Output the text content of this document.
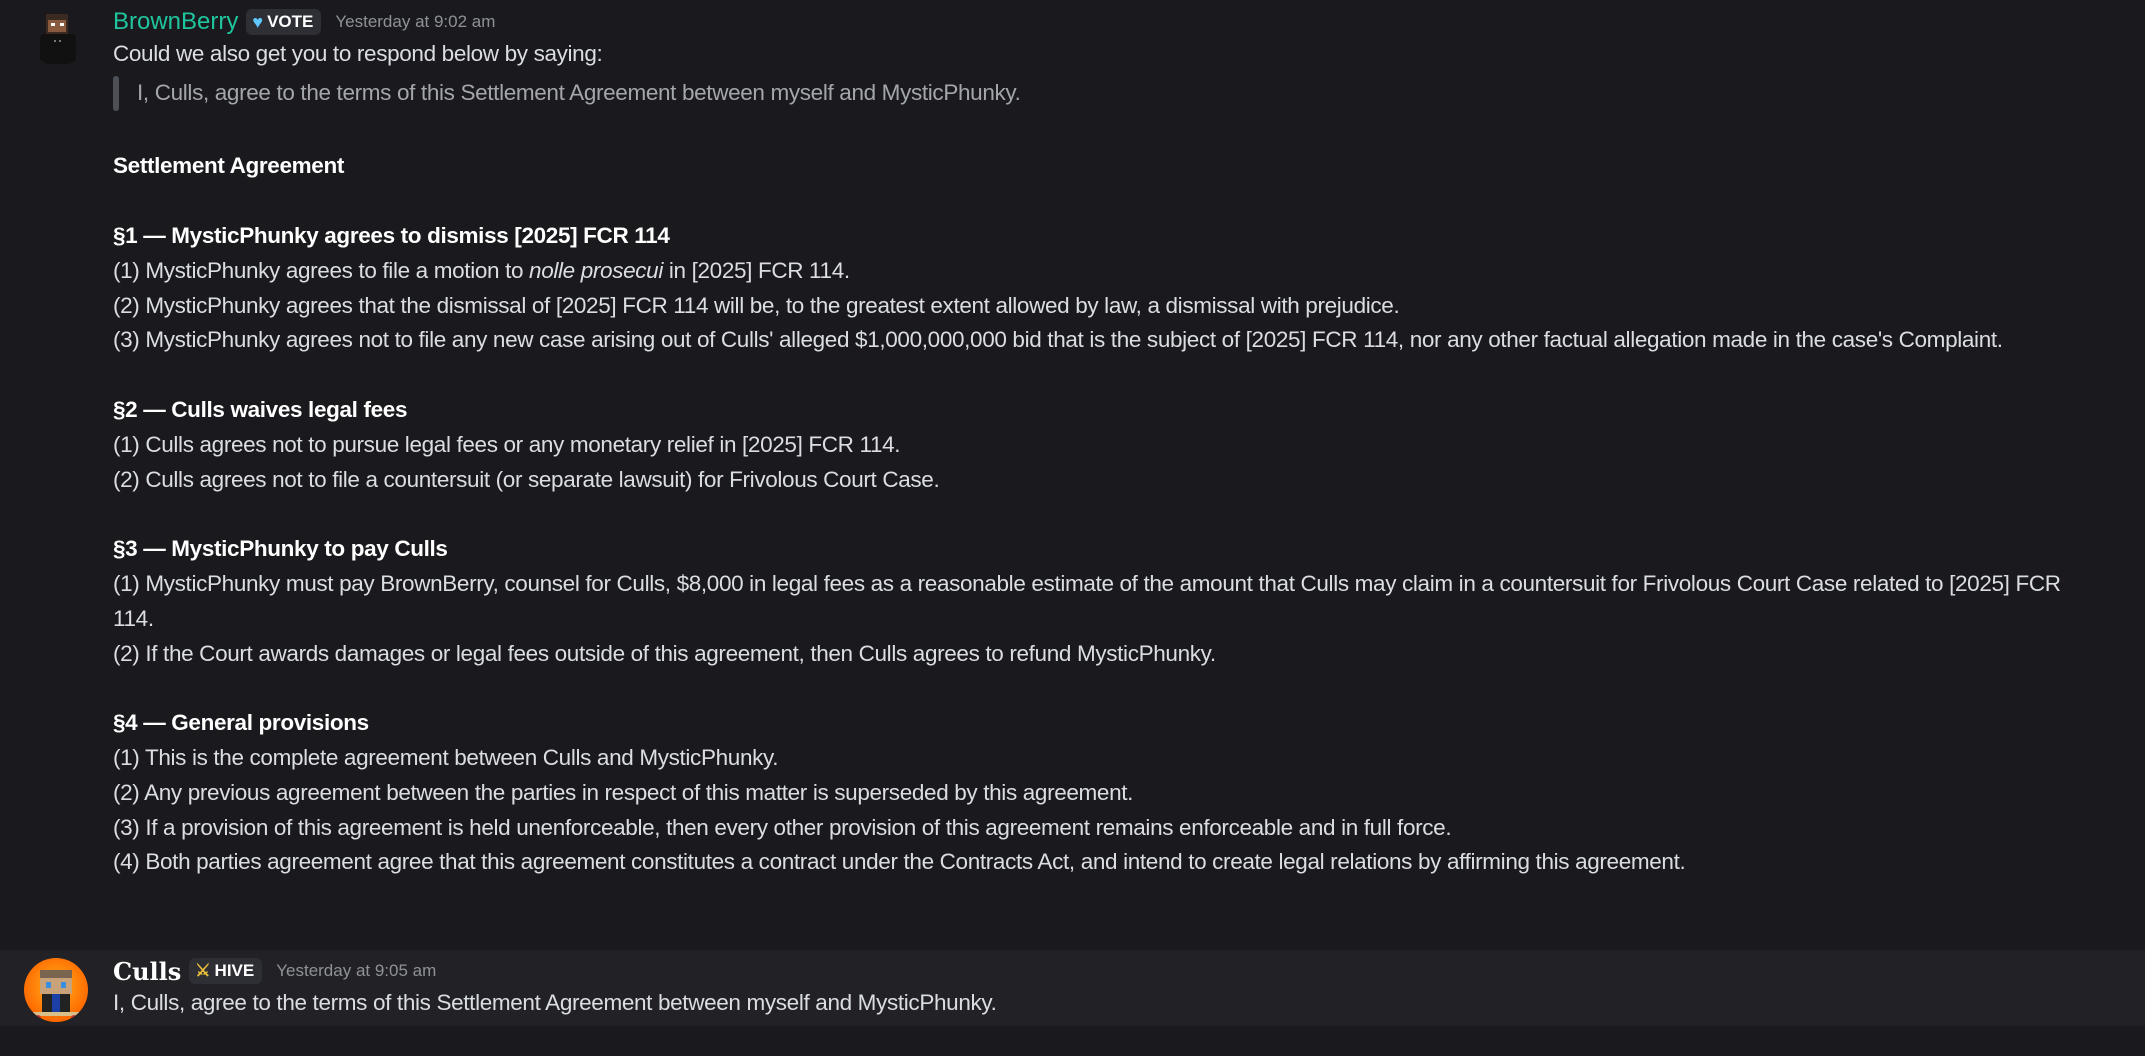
BrownBerry ♥ VOTE Yesterday at 9:02 am
Could we also get you to respond below by saying:
I, Culls, agree to the terms of this Settlement Agreement between myself and MysticPhunky.
Settlement Agreement
§1 — MysticPhunky agrees to dismiss [2025] FCR 114
(1) MysticPhunky agrees to file a motion to nolle prosecui in [2025] FCR 114.
(2) MysticPhunky agrees that the dismissal of [2025] FCR 114 will be, to the greatest extent allowed by law, a dismissal with prejudice.
(3) MysticPhunky agrees not to file any new case arising out of Culls' alleged $1,000,000,000 bid that is the subject of [2025] FCR 114, nor any other factual allegation made in the case's Complaint.
§2 — Culls waives legal fees
(1) Culls agrees not to pursue legal fees or any monetary relief in [2025] FCR 114.
(2) Culls agrees not to file a countersuit (or separate lawsuit) for Frivolous Court Case.
§3 — MysticPhunky to pay Culls
(1) MysticPhunky must pay BrownBerry, counsel for Culls, $8,000 in legal fees as a reasonable estimate of the amount that Culls may claim in a countersuit for Frivolous Court Case related to [2025] FCR 114.
(2) If the Court awards damages or legal fees outside of this agreement, then Culls agrees to refund MysticPhunky.
§4 — General provisions
(1) This is the complete agreement between Culls and MysticPhunky.
(2) Any previous agreement between the parties in respect of this matter is superseded by this agreement.
(3) If a provision of this agreement is held unenforceable, then every other provision of this agreement remains enforceable and in full force.
(4) Both parties agreement agree that this agreement constitutes a contract under the Contracts Act, and intend to create legal relations by affirming this agreement.
Culls ⚔ HIVE Yesterday at 9:05 am
I, Culls, agree to the terms of this Settlement Agreement between myself and MysticPhunky.
